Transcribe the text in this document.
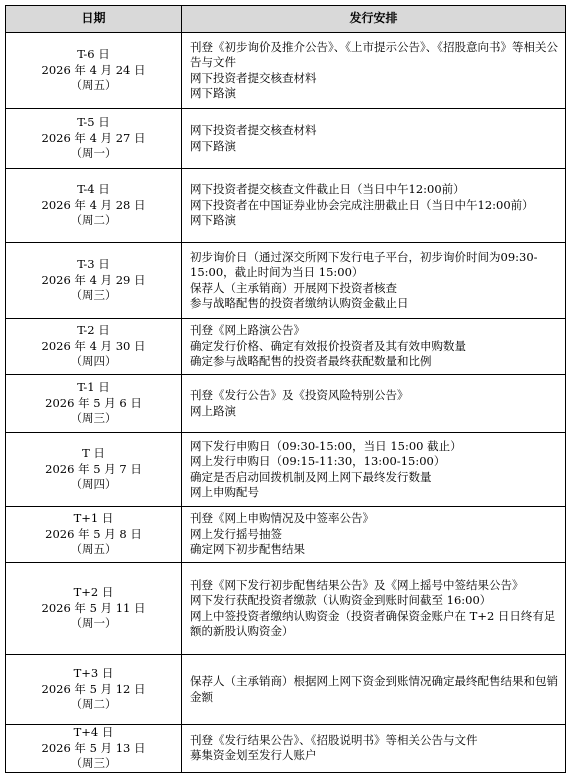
日期	发行安排

T-6 日
2026 年 4 月 24 日
（周五）	刊登《初步询价及推介公告》、《上市提示公告》、《招股意向书》等相关公告与文件
网下投资者提交核查材料
网下路演

T-5 日
2026 年 4 月 27 日
（周一）	网下投资者提交核查材料
网下路演

T-4 日
2026 年 4 月 28 日
（周二）	网下投资者提交核查文件截止日（当日中午12:00前）
网下投资者在中国证券业协会完成注册截止日（当日中午12:00前）
网下路演

T-3 日
2026 年 4 月 29 日
（周三）	初步询价日（通过深交所网下发行电子平台，初步询价时间为09:30-15:00，截止时间为当日 15:00）
保荐人（主承销商）开展网下投资者核查
参与战略配售的投资者缴纳认购资金截止日

T-2 日
2026 年 4 月 30 日
（周四）	刊登《网上路演公告》
确定发行价格、确定有效报价投资者及其有效申购数量
确定参与战略配售的投资者最终获配数量和比例

T-1 日
2026 年 5 月 6 日
（周三）	刊登《发行公告》及《投资风险特别公告》
网上路演

T 日
2026 年 5 月 7 日
（周四）	网下发行申购日（09:30-15:00，当日 15:00 截止）
网上发行申购日（09:15-11:30，13:00-15:00）
确定是否启动回拨机制及网上网下最终发行数量
网上申购配号

T+1 日
2026 年 5 月 8 日
（周五）	刊登《网上申购情况及中签率公告》
网上发行摇号抽签
确定网下初步配售结果

T+2 日
2026 年 5 月 11 日
（周一）	刊登《网下发行初步配售结果公告》及《网上摇号中签结果公告》
网下发行获配投资者缴款（认购资金到账时间截至 16:00）
网上中签投资者缴纳认购资金（投资者确保资金账户在 T+2 日日终有足额的新股认购资金）

T+3 日
2026 年 5 月 12 日
（周二）	保荐人（主承销商）根据网上网下资金到账情况确定最终配售结果和包销金额

T+4 日
2026 年 5 月 13 日
（周三）	刊登《发行结果公告》、《招股说明书》等相关公告与文件
募集资金划至发行人账户
